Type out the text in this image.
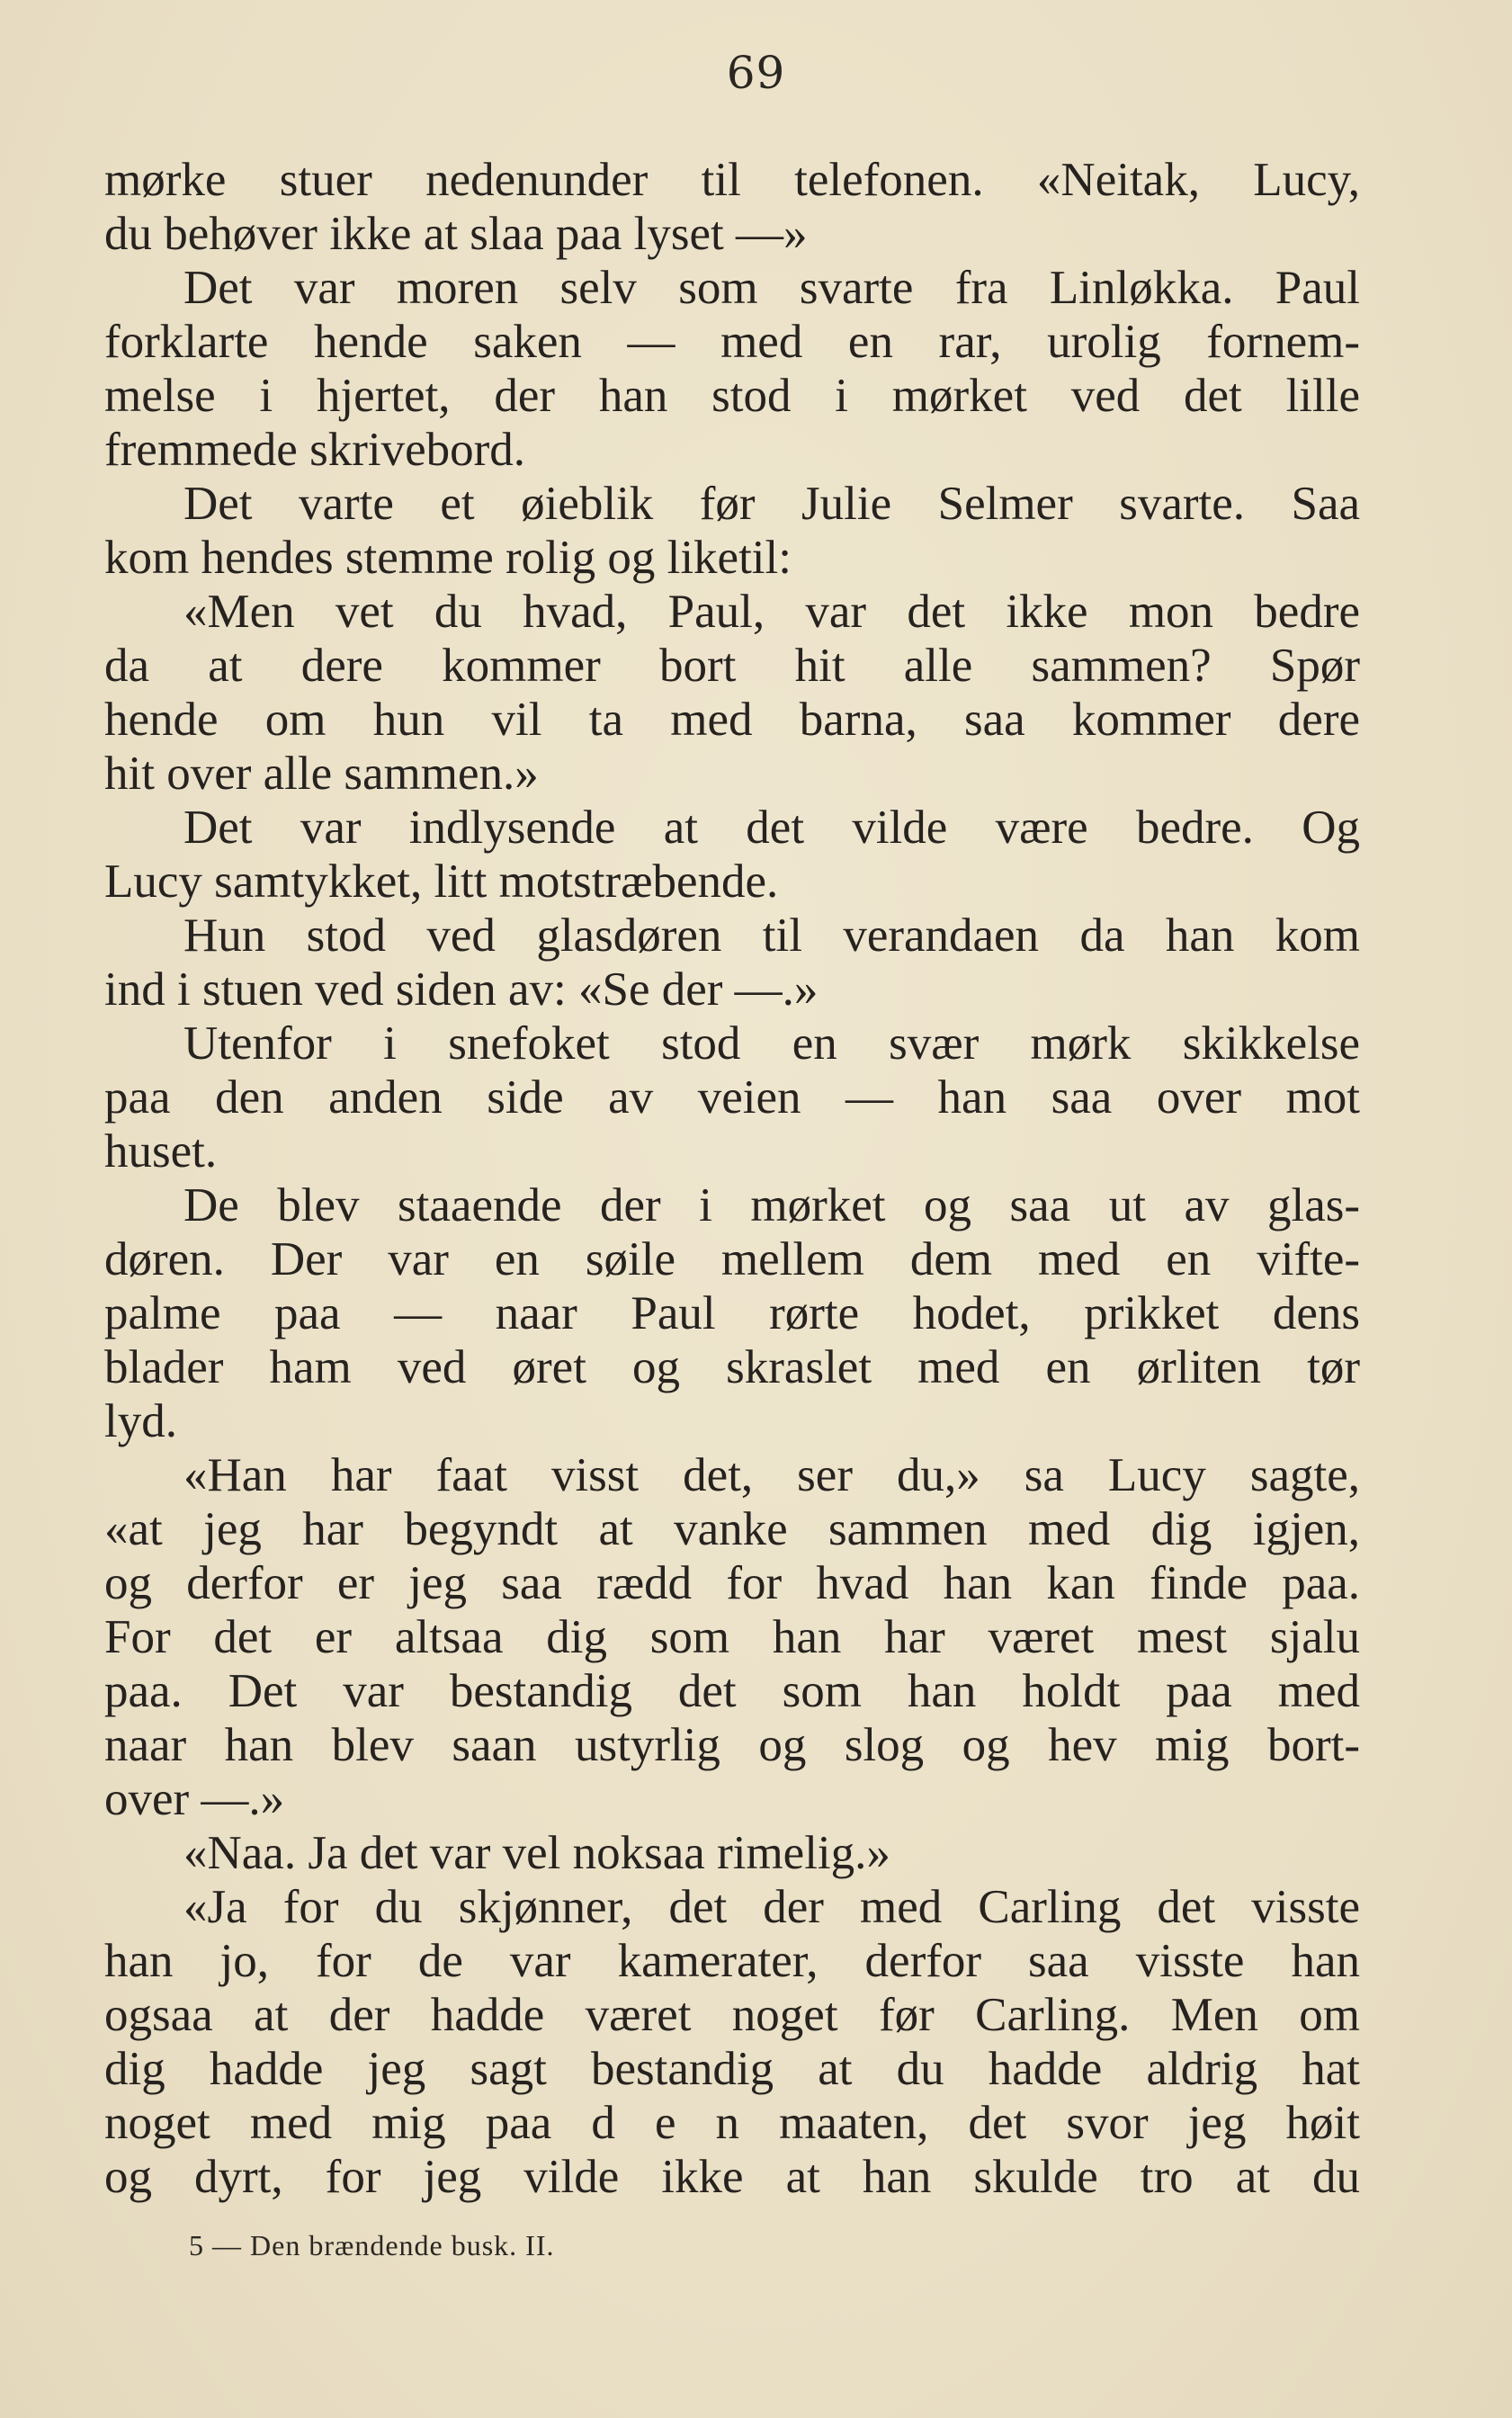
69
mørke stuer nedenunder til telefonen. «Neitak, Lucy,
du behøver ikke at slaa paa lyset —»
Det var moren selv som svarte fra Linløkka. Paul
forklarte hende saken — med en rar, urolig fornem-
melse i hjertet, der han stod i mørket ved det lille
fremmede skrivebord.
Det varte et øieblik før Julie Selmer svarte. Saa
kom hendes stemme rolig og liketil:
«Men vet du hvad, Paul, var det ikke mon bedre
da at dere kommer bort hit alle sammen? Spør
hende om hun vil ta med barna, saa kommer dere
hit over alle sammen.»
Det var indlysende at det vilde være bedre. Og
Lucy samtykket, litt motstræbende.
Hun stod ved glasdøren til verandaen da han kom
ind i stuen ved siden av: «Se der —.»
Utenfor i snefoket stod en svær mørk skikkelse
paa den anden side av veien — han saa over mot
huset.
De blev staaende der i mørket og saa ut av glas-
døren. Der var en søile mellem dem med en vifte-
palme paa — naar Paul rørte hodet, prikket dens
blader ham ved øret og skraslet med en ørliten tør
lyd.
«Han har faat visst det, ser du,» sa Lucy sagte,
«at jeg har begyndt at vanke sammen med dig igjen,
og derfor er jeg saa rædd for hvad han kan finde paa.
For det er altsaa dig som han har været mest sjalu
paa. Det var bestandig det som han holdt paa med
naar han blev saan ustyrlig og slog og hev mig bort-
over —.»
«Naa. Ja det var vel noksaa rimelig.»
«Ja for du skjønner, det der med Carling det visste
han jo, for de var kamerater, derfor saa visste han
ogsaa at der hadde været noget før Carling. Men om
dig hadde jeg sagt bestandig at du hadde aldrig hat
noget med mig paa d e n maaten, det svor jeg høit
og dyrt, for jeg vilde ikke at han skulde tro at du
5 — Den brændende busk. II.
